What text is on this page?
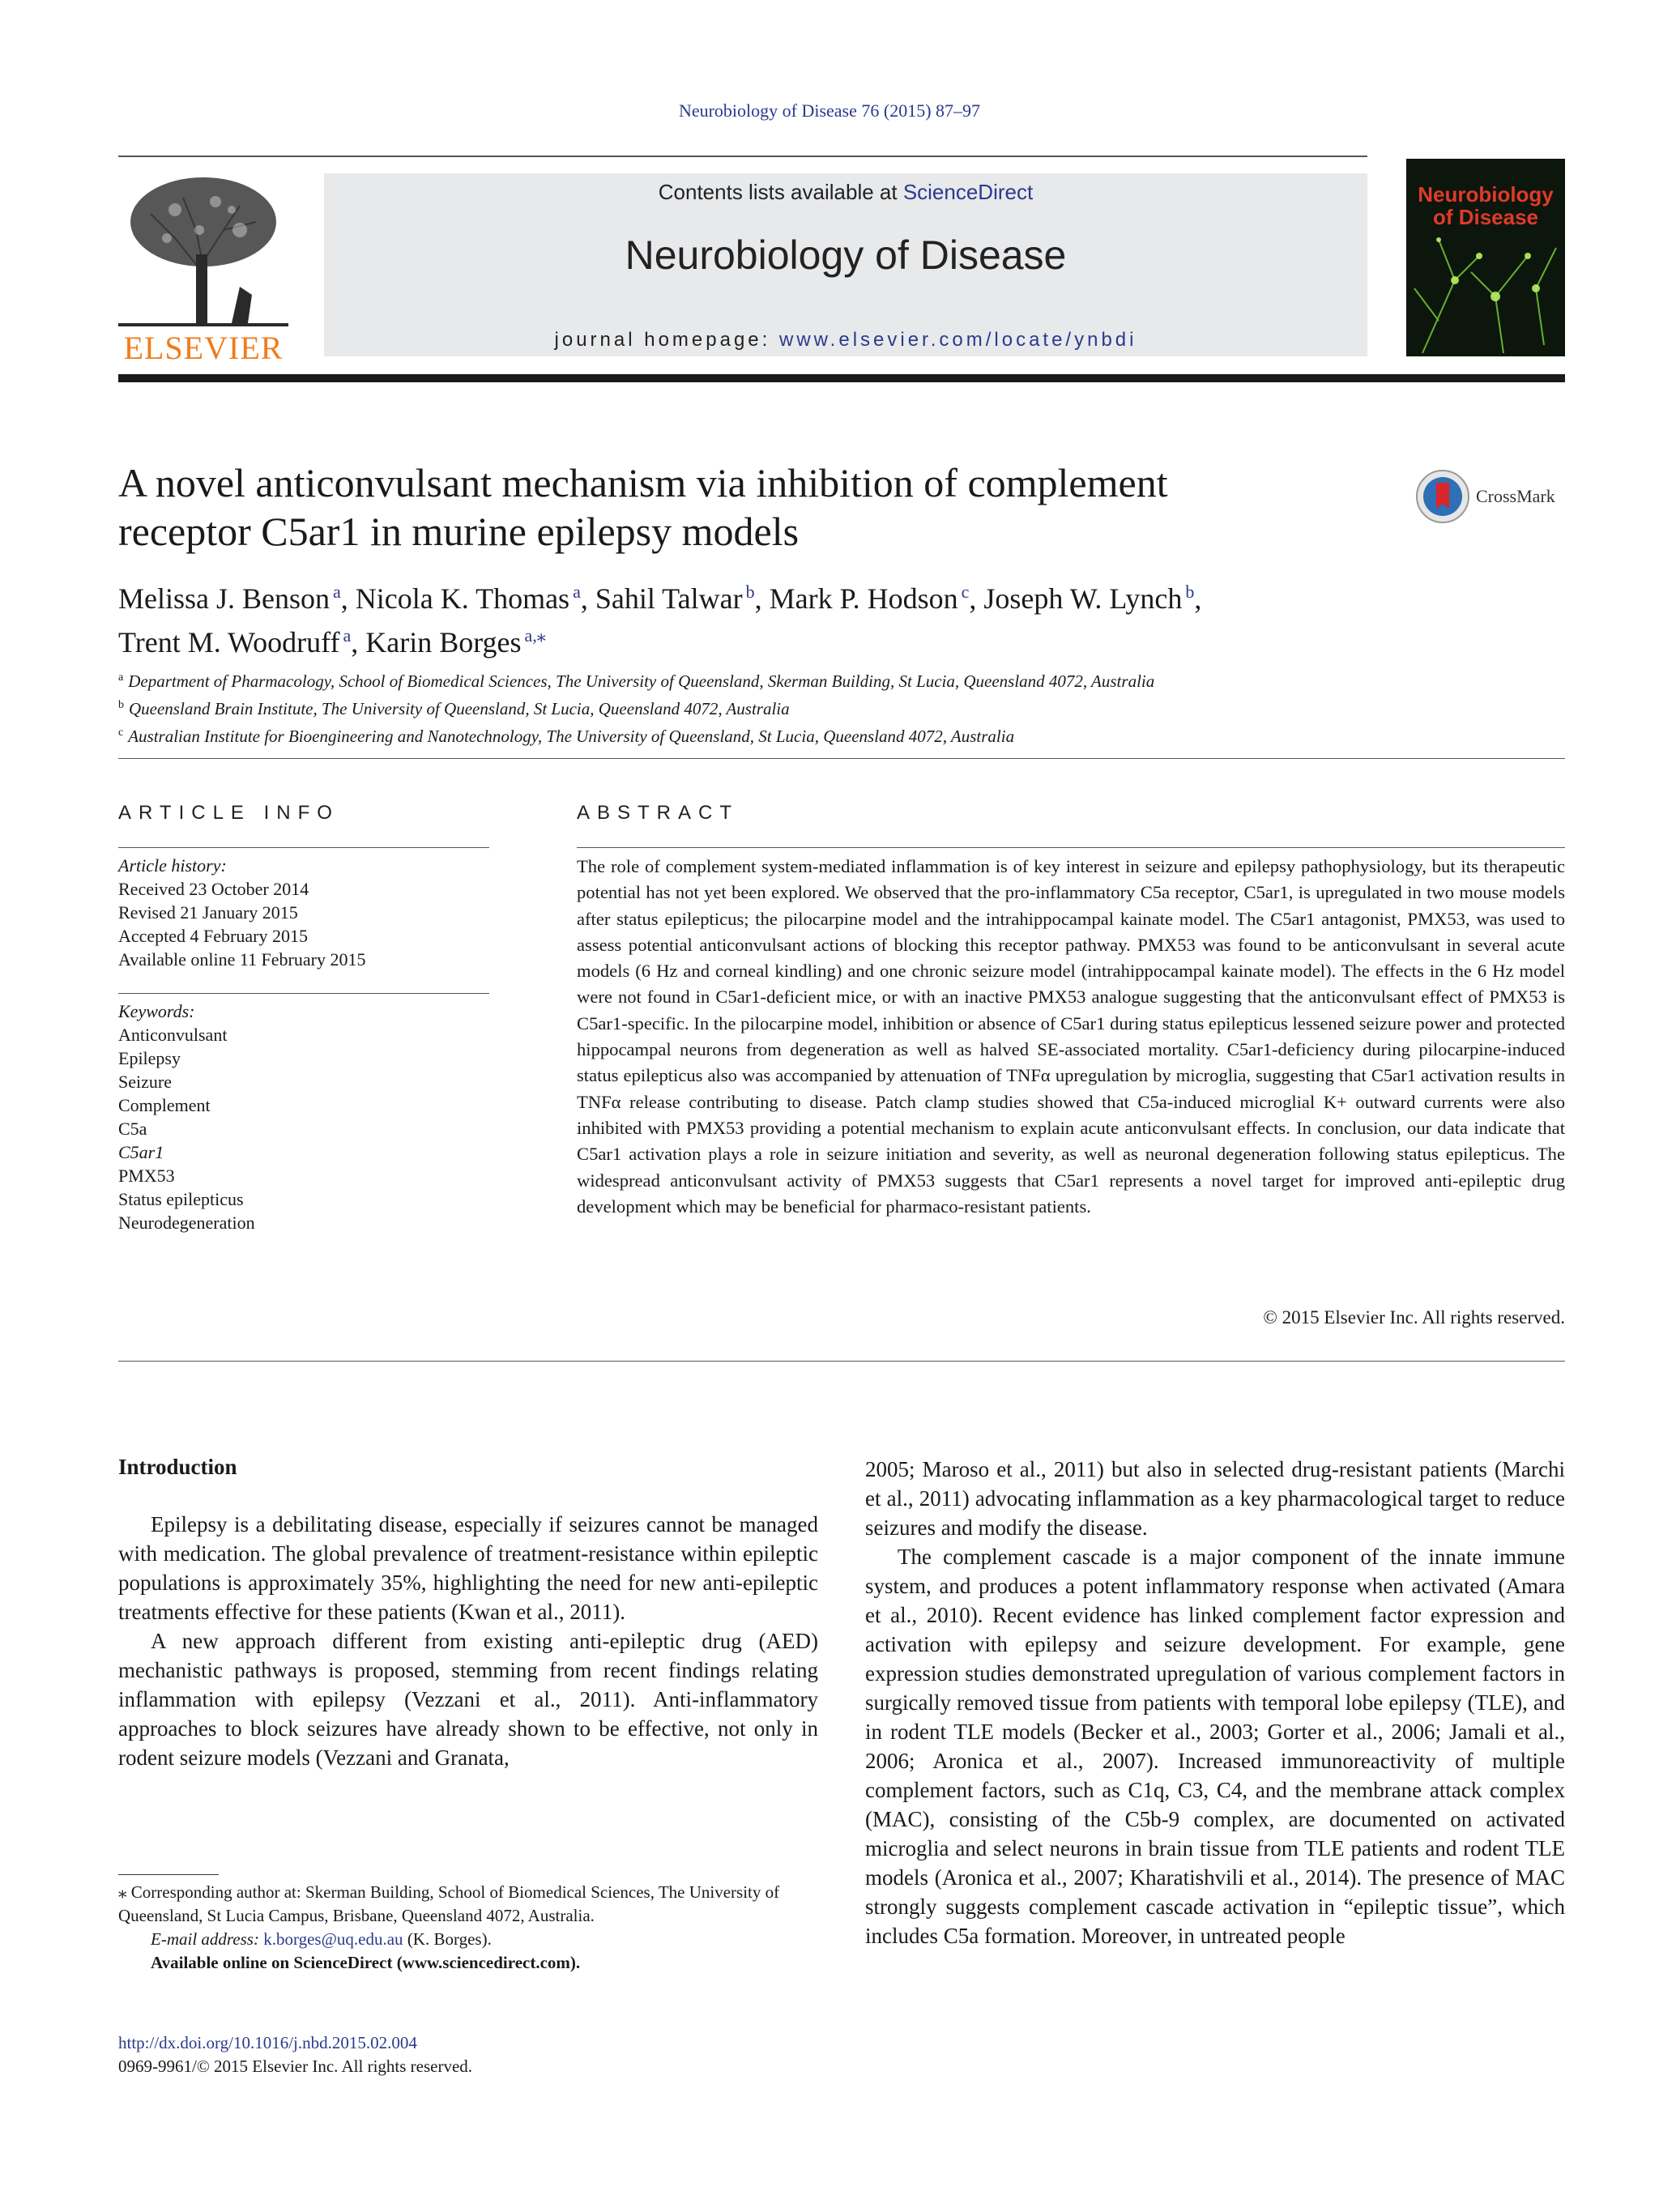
Neurobiology of Disease 76 (2015) 87–97
ELSEVIER
Contents lists available at ScienceDirect
Neurobiology of Disease
journal homepage: www.elsevier.com/locate/ynbdi
Neurobiology of Disease
A novel anticonvulsant mechanism via inhibition of complement receptor C5ar1 in murine epilepsy models
CrossMark
Melissa J. Benson $^a$, Nicola K. Thomas $^a$, Sahil Talwar $^b$, Mark P. Hodson $^c$, Joseph W. Lynch $^b$,
Trent M. Woodruff $^a$, Karin Borges $^{a,⁎}$
$^a$ Department of Pharmacology, School of Biomedical Sciences, The University of Queensland, Skerman Building, St Lucia, Queensland 4072, Australia
$^b$ Queensland Brain Institute, The University of Queensland, St Lucia, Queensland 4072, Australia
$^c$ Australian Institute for Bioengineering and Nanotechnology, The University of Queensland, St Lucia, Queensland 4072, Australia
ARTICLE INFO
Article history:
Received 23 October 2014
Revised 21 January 2015
Accepted 4 February 2015
Available online 11 February 2015
Keywords:
Anticonvulsant
Epilepsy
Seizure
Complement
C5a
C5ar1
PMX53
Status epilepticus
Neurodegeneration
ABSTRACT
The role of complement system-mediated inflammation is of key interest in seizure and epilepsy pathophysiology, but its therapeutic potential has not yet been explored. We observed that the pro-inflammatory C5a receptor, C5ar1, is upregulated in two mouse models after status epilepticus; the pilocarpine model and the intrahippocampal kainate model. The C5ar1 antagonist, PMX53, was used to assess potential anticonvulsant actions of blocking this receptor pathway. PMX53 was found to be anticonvulsant in several acute models (6 Hz and corneal kindling) and one chronic seizure model (intrahippocampal kainate model). The effects in the 6 Hz model were not found in C5ar1-deficient mice, or with an inactive PMX53 analogue suggesting that the anticonvulsant effect of PMX53 is C5ar1-specific. In the pilocarpine model, inhibition or absence of C5ar1 during status epilepticus lessened seizure power and protected hippocampal neurons from degeneration as well as halved SE-associated mortality. C5ar1-deficiency during pilocarpine-induced status epilepticus also was accompanied by attenuation of TNFα upregulation by microglia, suggesting that C5ar1 activation results in TNFα release contributing to disease. Patch clamp studies showed that C5a-induced microglial K+ outward currents were also inhibited with PMX53 providing a potential mechanism to explain acute anticonvulsant effects. In conclusion, our data indicate that C5ar1 activation plays a role in seizure initiation and severity, as well as neuronal degeneration following status epilepticus. The widespread anticonvulsant activity of PMX53 suggests that C5ar1 represents a novel target for improved anti-epileptic drug development which may be beneficial for pharmaco-resistant patients.
© 2015 Elsevier Inc. All rights reserved.
Introduction

Epilepsy is a debilitating disease, especially if seizures cannot be managed with medication. The global prevalence of treatment-resistance within epileptic populations is approximately 35%, highlighting the need for new anti-epileptic treatments effective for these patients (Kwan et al., 2011).

A new approach different from existing anti-epileptic drug (AED) mechanistic pathways is proposed, stemming from recent findings relating inflammation with epilepsy (Vezzani et al., 2011). Anti-inflammatory approaches to block seizures have already shown to be effective, not only in rodent seizure models (Vezzani and Granata,

2005; Maroso et al., 2011) but also in selected drug-resistant patients (Marchi et al., 2011) advocating inflammation as a key pharmacological target to reduce seizures and modify the disease.

The complement cascade is a major component of the innate immune system, and produces a potent inflammatory response when activated (Amara et al., 2010). Recent evidence has linked complement factor expression and activation with epilepsy and seizure development. For example, gene expression studies demonstrated upregulation of various complement factors in surgically removed tissue from patients with temporal lobe epilepsy (TLE), and in rodent TLE models (Becker et al., 2003; Gorter et al., 2006; Jamali et al., 2006; Aronica et al., 2007). Increased immunoreactivity of multiple complement factors, such as C1q, C3, C4, and the membrane attack complex (MAC), consisting of the C5b-9 complex, are documented on activated microglia and select neurons in brain tissue from TLE patients and rodent TLE models (Aronica et al., 2007; Kharatishvili et al., 2014). The presence of MAC strongly suggests complement cascade activation in “epileptic tissue”, which includes C5a formation. Moreover, in untreated people

⁎ Corresponding author at: Skerman Building, School of Biomedical Sciences, The University of Queensland, St Lucia Campus, Brisbane, Queensland 4072, Australia.
E-mail address: k.borges@uq.edu.au (K. Borges).
Available online on ScienceDirect (www.sciencedirect.com).
http://dx.doi.org/10.1016/j.nbd.2015.02.004
0969-9961/© 2015 Elsevier Inc. All rights reserved.
